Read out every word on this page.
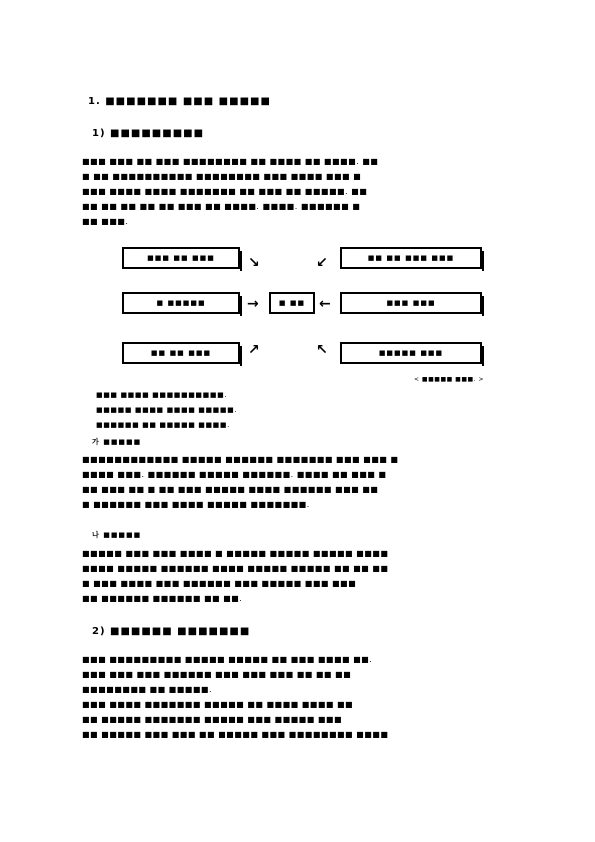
1. ■■■■■■■ ■■■ ■■■■■
1) ■■■■■■■■■
■■■ ■■■ ■■ ■■■ ■■■■■■■■ ■■ ■■■■ ■■ ■■■■. ■■
■ ■■ ■■■■■■■■■■ ■■■■■■■■ ■■■ ■■■■ ■■■ ■
■■■ ■■■■ ■■■■ ■■■■■■■ ■■ ■■■ ■■ ■■■■■. ■■
■■ ■■ ■■ ■■ ■■ ■■■ ■■ ■■■■. ■■■■. ■■■■■■ ■
■■ ■■■.
■■■ ■■ ■■■	■■ ■■ ■■■ ■■■
■ ■■■■■	■ ■■	■■■ ■■■
■■ ■■ ■■■	■■■■■ ■■■
↘	↙
→	←
↗	↖
< ■■■■■ ■■■. >
■■■ ■■■■ ■■■■■■■■■■.
■■■■■ ■■■■ ■■■■ ■■■■■.
■■■■■■ ■■ ■■■■■ ■■■■.
가 ■■■■■
■■■■■■■■■■■■ ■■■■■ ■■■■■■ ■■■■■■■ ■■■ ■■■ ■
■■■■ ■■■. ■■■■■■ ■■■■■ ■■■■■■. ■■■■ ■■ ■■■ ■
■■ ■■■ ■■ ■ ■■ ■■■ ■■■■■ ■■■■ ■■■■■■ ■■■ ■■
■ ■■■■■■ ■■■ ■■■■ ■■■■■ ■■■■■■■.
나 ■■■■■
■■■■■ ■■■ ■■■ ■■■■ ■ ■■■■■ ■■■■■ ■■■■■ ■■■■
■■■■ ■■■■■ ■■■■■■ ■■■■ ■■■■■ ■■■■■ ■■ ■■ ■■
■ ■■■ ■■■■ ■■■ ■■■■■■ ■■■ ■■■■■ ■■■ ■■■
■■ ■■■■■■ ■■■■■■ ■■ ■■.
2) ■■■■■■ ■■■■■■■
■■■ ■■■■■■■■■ ■■■■■ ■■■■■ ■■ ■■■ ■■■■ ■■.
■■■ ■■■ ■■■ ■■■■■■ ■■■ ■■■ ■■■ ■■ ■■ ■■
■■■■■■■■ ■■ ■■■■■.
■■■ ■■■■ ■■■■■■■ ■■■■■ ■■ ■■■■ ■■■■ ■■
■■ ■■■■■ ■■■■■■■ ■■■■■ ■■■ ■■■■■ ■■■
■■ ■■■■■ ■■■ ■■■ ■■ ■■■■■ ■■■ ■■■■■■■■ ■■■■
